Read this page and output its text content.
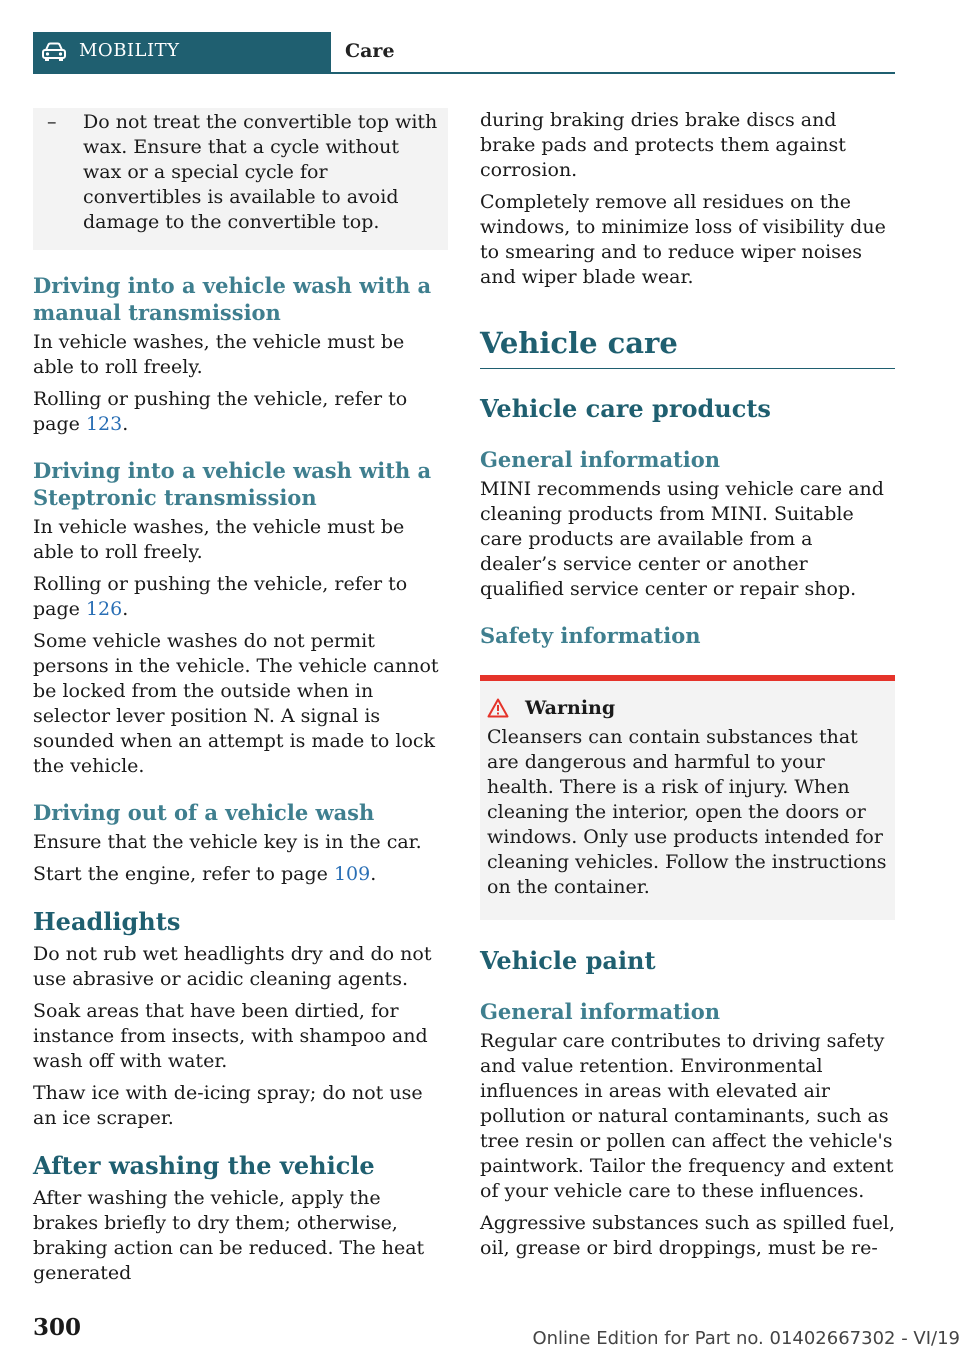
MOBILITY	Care
–	Do not treat the convertible top with wax. Ensure that a cycle without wax or a special cycle for convertibles is available to avoid damage to the convertible top.
Driving into a vehicle wash with a manual transmission

In vehicle washes, the vehicle must be able to roll freely.

Rolling or pushing the vehicle, refer to page 123.

Driving into a vehicle wash with a Steptronic transmission

In vehicle washes, the vehicle must be able to roll freely.

Rolling or pushing the vehicle, refer to page 126.

Some vehicle washes do not permit persons in the vehicle. The vehicle cannot be locked from the outside when in selector lever position N. A signal is sounded when an attempt is made to lock the vehicle.

Driving out of a vehicle wash

Ensure that the vehicle key is in the car.

Start the engine, refer to page 109.

Headlights

Do not rub wet headlights dry and do not use abrasive or acidic cleaning agents.

Soak areas that have been dirtied, for instance from insects, with shampoo and wash off with water.

Thaw ice with de-icing spray; do not use an ice scraper.

After washing the vehicle

After washing the vehicle, apply the brakes briefly to dry them; otherwise, braking action can be reduced. The heat generated

during braking dries brake discs and brake pads and protects them against corrosion.

Completely remove all residues on the windows, to minimize loss of visibility due to smearing and to reduce wiper noises and wiper blade wear.

Vehicle care
Vehicle care products
General information

MINI recommends using vehicle care and cleaning products from MINI. Suitable care products are available from a dealer’s service center or another qualified service center or repair shop.

Safety information
Warning

Cleansers can contain substances that are dangerous and harmful to your health. There is a risk of injury. When cleaning the interior, open the doors or windows. Only use products intended for cleaning vehicles. Follow the instructions on the container.

Vehicle paint
General information

Regular care contributes to driving safety and value retention. Environmental influences in areas with elevated air pollution or natural contaminants, such as tree resin or pollen can affect the vehicle's paintwork. Tailor the frequency and extent of your vehicle care to these influences.

Aggressive substances such as spilled fuel, oil, grease or bird droppings, must be re-

300	Online Edition for Part no. 01402667302 - VI/19
